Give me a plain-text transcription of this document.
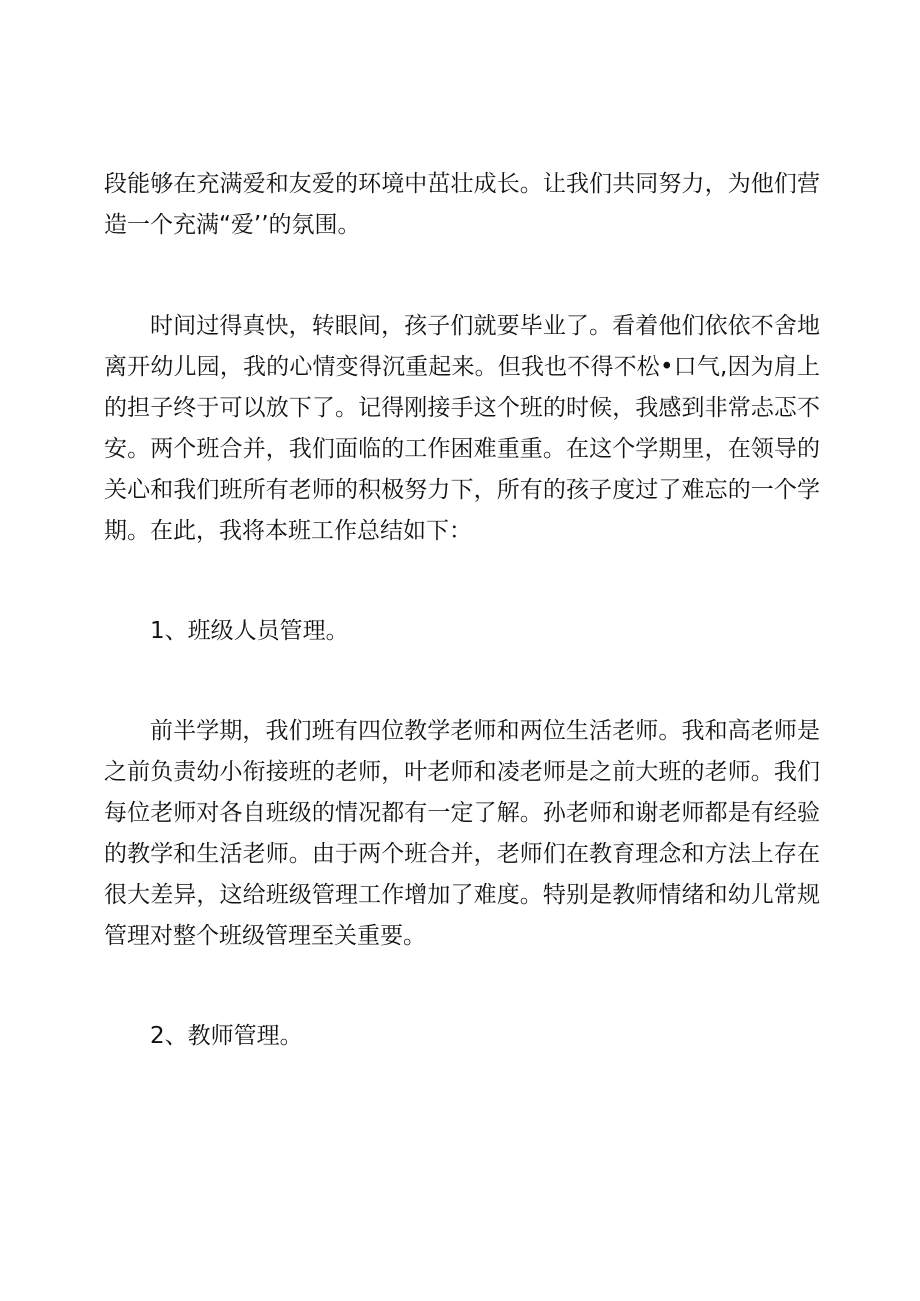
段能够在充满爱和友爱的环境中茁壮成长。让我们共同努力，为他们营造一个充满“爱’’的氛围。

时间过得真快，转眼间，孩子们就要毕业了。看着他们依依不舍地离开幼儿园，我的心情变得沉重起来。但我也不得不松•口气,因为肩上的担子终于可以放下了。记得刚接手这个班的时候，我感到非常忐忑不安。两个班合并，我们面临的工作困难重重。在这个学期里，在领导的关心和我们班所有老师的积极努力下，所有的孩子度过了难忘的一个学期。在此，我将本班工作总结如下：

1、班级人员管理。

前半学期，我们班有四位教学老师和两位生活老师。我和高老师是之前负责幼小衔接班的老师，叶老师和凌老师是之前大班的老师。我们每位老师对各自班级的情况都有一定了解。孙老师和谢老师都是有经验的教学和生活老师。由于两个班合并，老师们在教育理念和方法上存在很大差异，这给班级管理工作增加了难度。特别是教师情绪和幼儿常规管理对整个班级管理至关重要。

2、教师管理。
